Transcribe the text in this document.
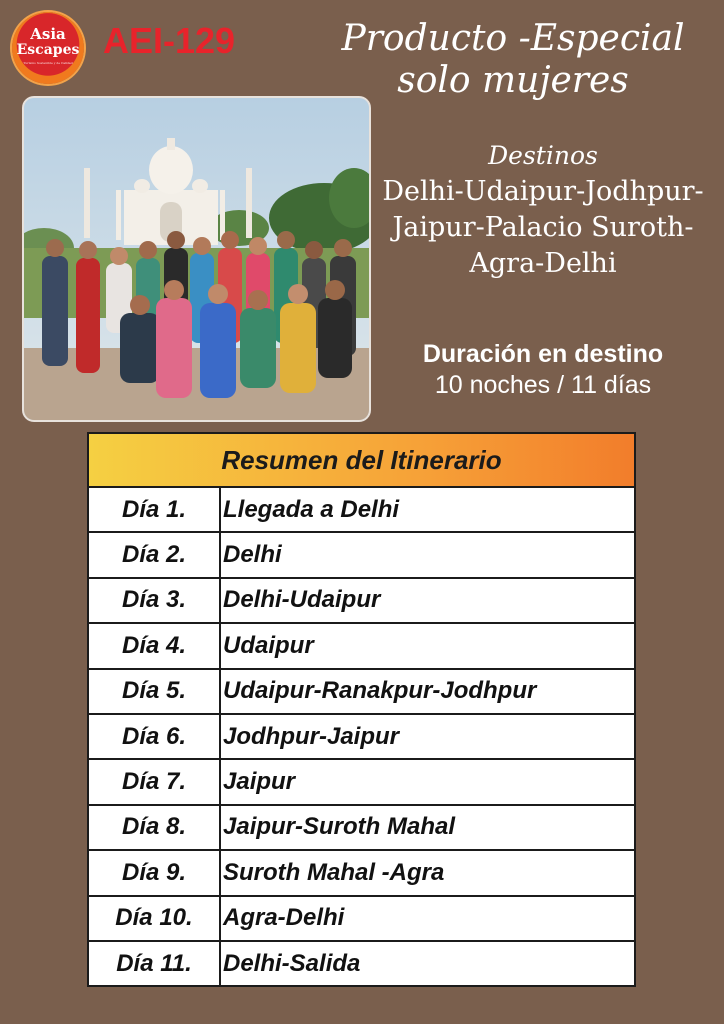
Asia
Escapes
Turismo Sostenible y de Calidad
AEI-129	Producto -Especial solo mujeres
Destinos
Delhi-Udaipur-Jodhpur-Jaipur-Palacio Suroth-Agra-Delhi
Duración en destino
10 noches / 11 días
Resumen del Itinerario	
Día 1.	Llegada a Delhi
Día 2.	Delhi
Día 3.	Delhi-Udaipur
Día 4.	Udaipur
Día 5.	Udaipur-Ranakpur-Jodhpur
Día 6.	Jodhpur-Jaipur
Día 7.	Jaipur
Día 8.	Jaipur-Suroth Mahal
Día 9.	Suroth Mahal -Agra
Día 10.	Agra-Delhi
Día 11.	Delhi-Salida
